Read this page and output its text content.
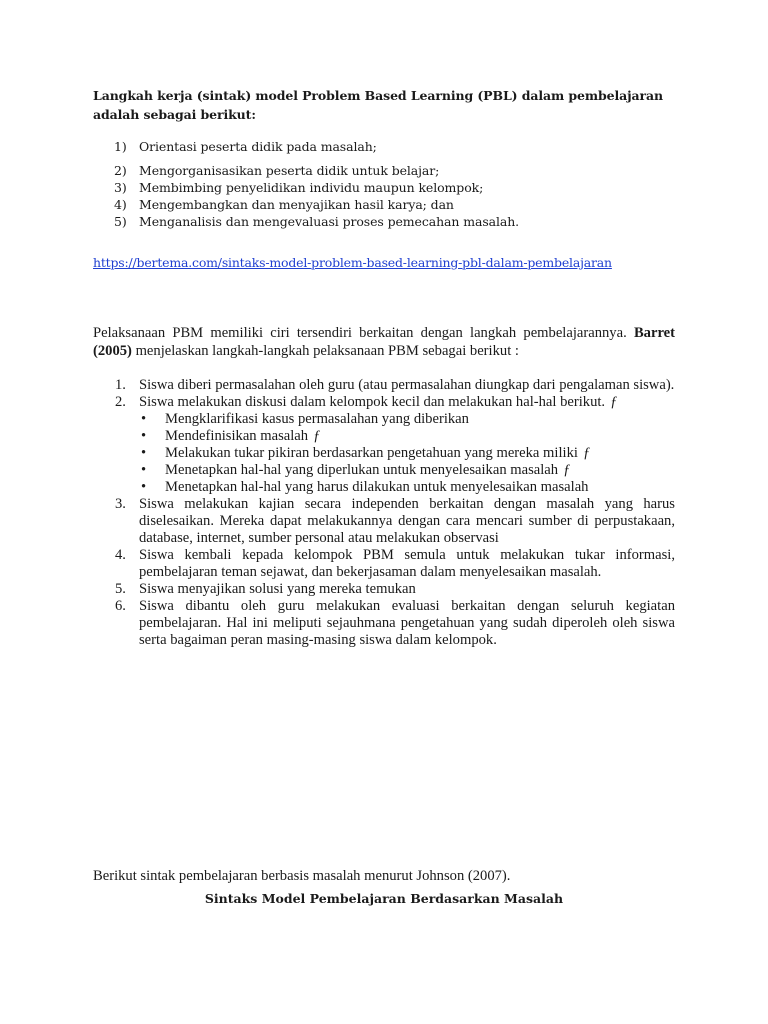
Langkah kerja (sintak) model Problem Based Learning (PBL) dalam pembelajaran adalah sebagai berikut:
1) Orientasi peserta didik pada masalah;
2) Mengorganisasikan peserta didik untuk belajar;
3) Membimbing penyelidikan individu maupun kelompok;
4) Mengembangkan dan menyajikan hasil karya; dan
5) Menganalisis dan mengevaluasi proses pemecahan masalah.
https://bertema.com/sintaks-model-problem-based-learning-pbl-dalam-pembelajaran
Pelaksanaan PBM memiliki ciri tersendiri berkaitan dengan langkah pembelajarannya. Barret (2005) menjelaskan langkah-langkah pelaksanaan PBM sebagai berikut :
1. Siswa diberi permasalahan oleh guru (atau permasalahan diungkap dari pengalaman siswa).
2. Siswa melakukan diskusi dalam kelompok kecil dan melakukan hal-hal berikut. ƒ
•	Mengklarifikasi kasus permasalahan yang diberikan
•	Mendefinisikan masalah ƒ
•	Melakukan tukar pikiran berdasarkan pengetahuan yang mereka miliki ƒ
•	Menetapkan hal-hal yang diperlukan untuk menyelesaikan masalah ƒ
•	Menetapkan hal-hal yang harus dilakukan untuk menyelesaikan masalah
3. Siswa melakukan kajian secara independen berkaitan dengan masalah yang harus diselesaikan. Mereka dapat melakukannya dengan cara mencari sumber di perpustakaan, database, internet, sumber personal atau melakukan observasi
4. Siswa kembali kepada kelompok PBM semula untuk melakukan tukar informasi, pembelajaran teman sejawat, dan bekerjasaman dalam menyelesaikan masalah.
5. Siswa menyajikan solusi yang mereka temukan
6. Siswa dibantu oleh guru melakukan evaluasi berkaitan dengan seluruh kegiatan pembelajaran. Hal ini meliputi sejauhmana pengetahuan yang sudah diperoleh oleh siswa serta bagaiman peran masing-masing siswa dalam kelompok.
Berikut sintak pembelajaran berbasis masalah menurut Johnson (2007).
Sintaks Model Pembelajaran Berdasarkan Masalah
